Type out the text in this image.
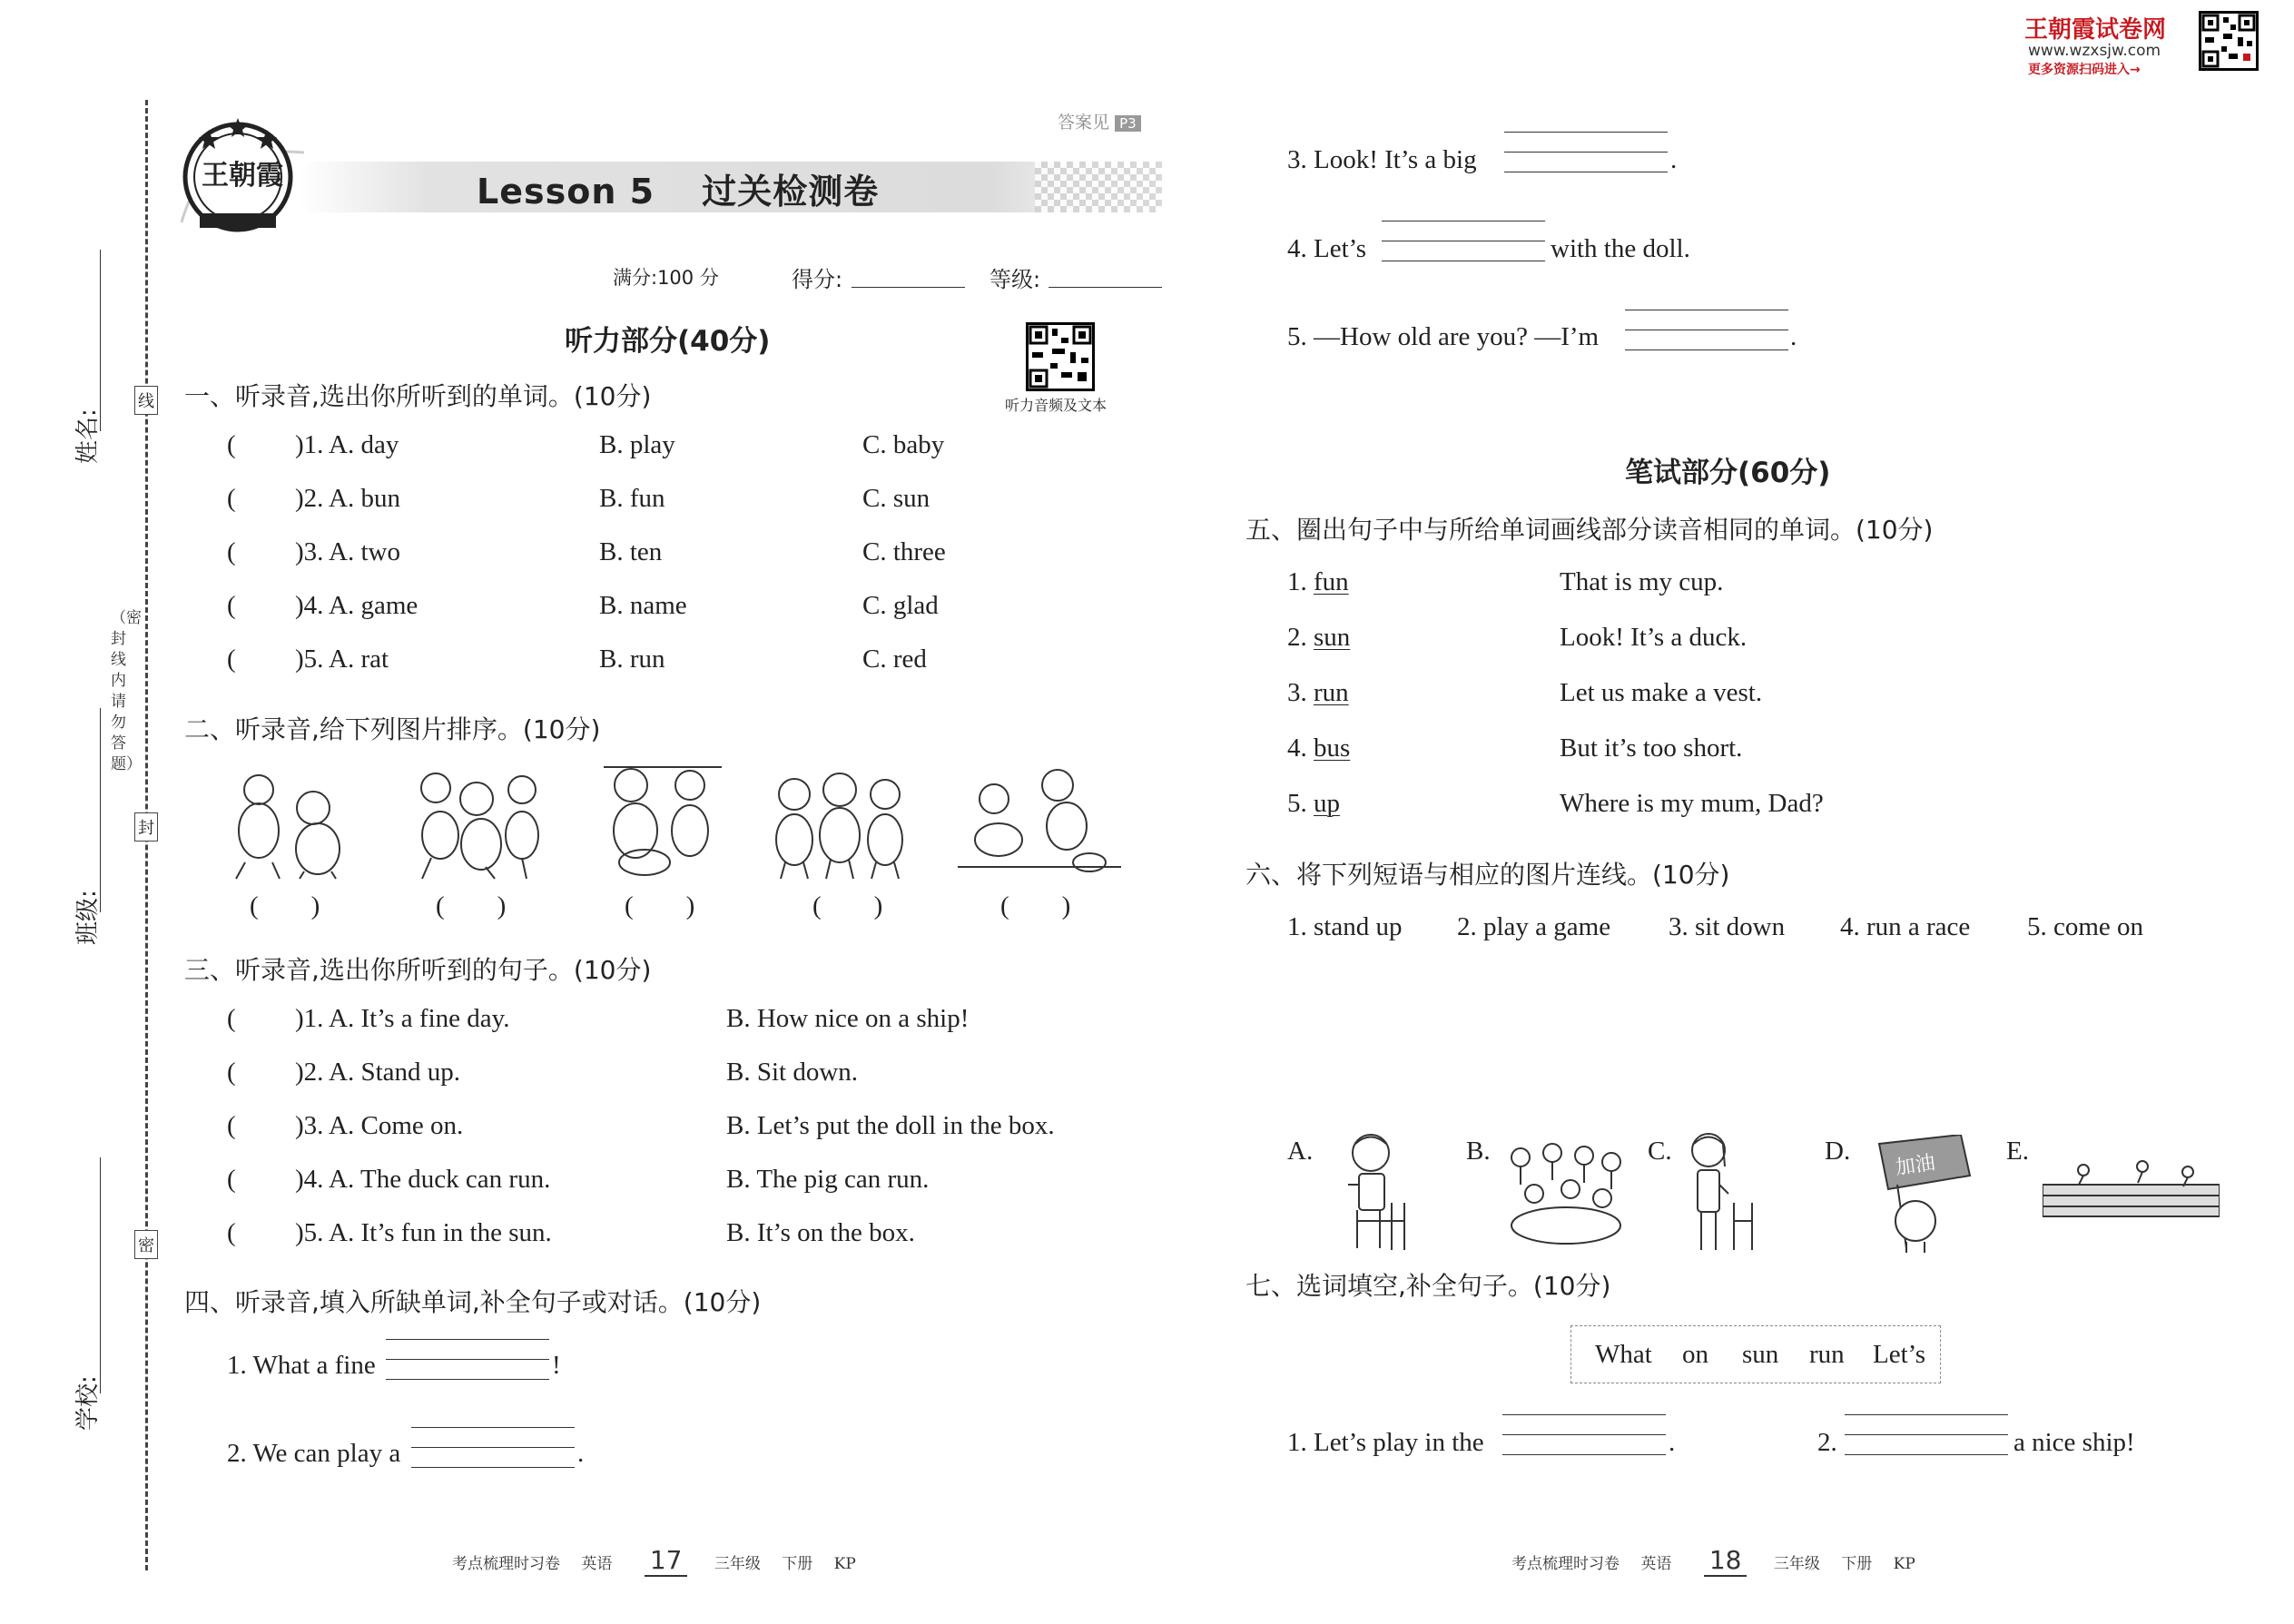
王朝霞试卷网
www.wzxsjw.com
更多资源扫码进入→
线
封
密
（密封线内请勿答题）
姓名:
班级:
学校:
王朝霞
答案见 P3
Lesson 5 过关检测卷
满分:100 分	得分:	等级:
听力部分(40分)
听力音频及文本
一、听录音,选出你所听到的单词。(10分)
( )1. A. day	B. play	C. baby
( )2. A. bun	B. fun	C. sun
( )3. A. two	B. ten	C. three
( )4. A. game	B. name	C. glad
( )5. A. rat	B. run	C. red
二、听录音,给下列图片排序。(10分)
(　　)	(　　)	(　　)	(　　)	(　　)
三、听录音,选出你所听到的句子。(10分)
( )1. A. It’s a fine day.	B. How nice on a ship!
( )2. A. Stand up.	B. Sit down.
( )3. A. Come on.	B. Let’s put the doll in the box.
( )4. A. The duck can run.	B. The pig can run.
( )5. A. It’s fun in the sun.	B. It’s on the box.
四、听录音,填入所缺单词,补全句子或对话。(10分)
1. What a fine	!
2. We can play a	.
3. Look! It’s a big	.
4. Let’s	with the doll.
5. —How old are you? —I’m	.
笔试部分(60分)
五、圈出句子中与所给单词画线部分读音相同的单词。(10分)
1. fun	That is my cup.
2. sun	Look! It’s a duck.
3. run	Let us make a vest.
4. bus	But it’s too short.
5. up	Where is my mum, Dad?
六、将下列短语与相应的图片连线。(10分)
1. stand up 2. play a game 3. sit down 4. run a race 5. come on
A.	B.	C.	D.
加油
E.
七、选词填空,补全句子。(10分)
What on sun run Let’s
1. Let’s play in the	.	2.	a nice ship!
考点梳理时习卷 英语 17 三年级 下册 KP	考点梳理时习卷 英语 18 三年级 下册 KP
